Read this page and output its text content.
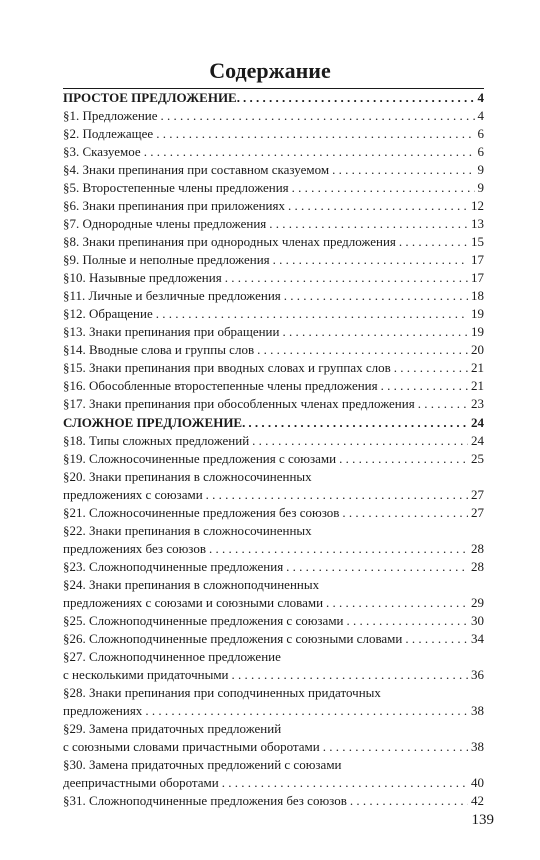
Содержание
ПРОСТОЕ ПРЕДЛОЖЕНИЕ. . . .	4
§1. Предложение . . .	4
§2. Подлежащее . . .	6
§3. Сказуемое . . .	6
§4. Знаки препинания при составном сказуемом . . .	9
§5. Второстепенные члены предложения . . .	9
§6. Знаки препинания при приложениях . . .	12
§7. Однородные члены предложения . . .	13
§8. Знаки препинания при однородных членах предложения . . .	15
§9. Полные и неполные предложения . . .	17
§10. Назывные предложения . . .	17
§11. Личные и безличные предложения . . .	18
§12. Обращение . . .	19
§13. Знаки препинания при обращении . . .	19
§14. Вводные слова и группы слов . . .	20
§15. Знаки препинания при вводных словах и группах слов . . .	21
§16. Обособленные второстепенные члены предложения . . .	21
§17. Знаки препинания при обособленных членах предложения . . .	23
СЛОЖНОЕ ПРЕДЛОЖЕНИЕ. . . .	24
§18. Типы сложных предложений . . .	24
§19. Сложносочиненные предложения с союзами . . .	25
§20. Знаки препинания в сложносочиненных
предложениях с союзами . . .	27
§21. Сложносочиненные предложения без союзов . . .	27
§22. Знаки препинания в сложносочиненных
предложениях без союзов . . .	28
§23. Сложноподчиненные предложения . . .	28
§24. Знаки препинания в сложноподчиненных
предложениях с союзами и союзными словами . . .	29
§25. Сложноподчиненные предложения с союзами . . .	30
§26. Сложноподчиненные предложения с союзными словами . . .	34
§27. Сложноподчиненное предложение
с несколькими придаточными . . .	36
§28. Знаки препинания при соподчиненных придаточных
предложениях . . .	38
§29. Замена придаточных предложений
с союзными словами причастными оборотами . . .	38
§30. Замена придаточных предложений с союзами
деепричастными оборотами . . .	40
§31. Сложноподчиненные предложения без союзов . . .	42
139
